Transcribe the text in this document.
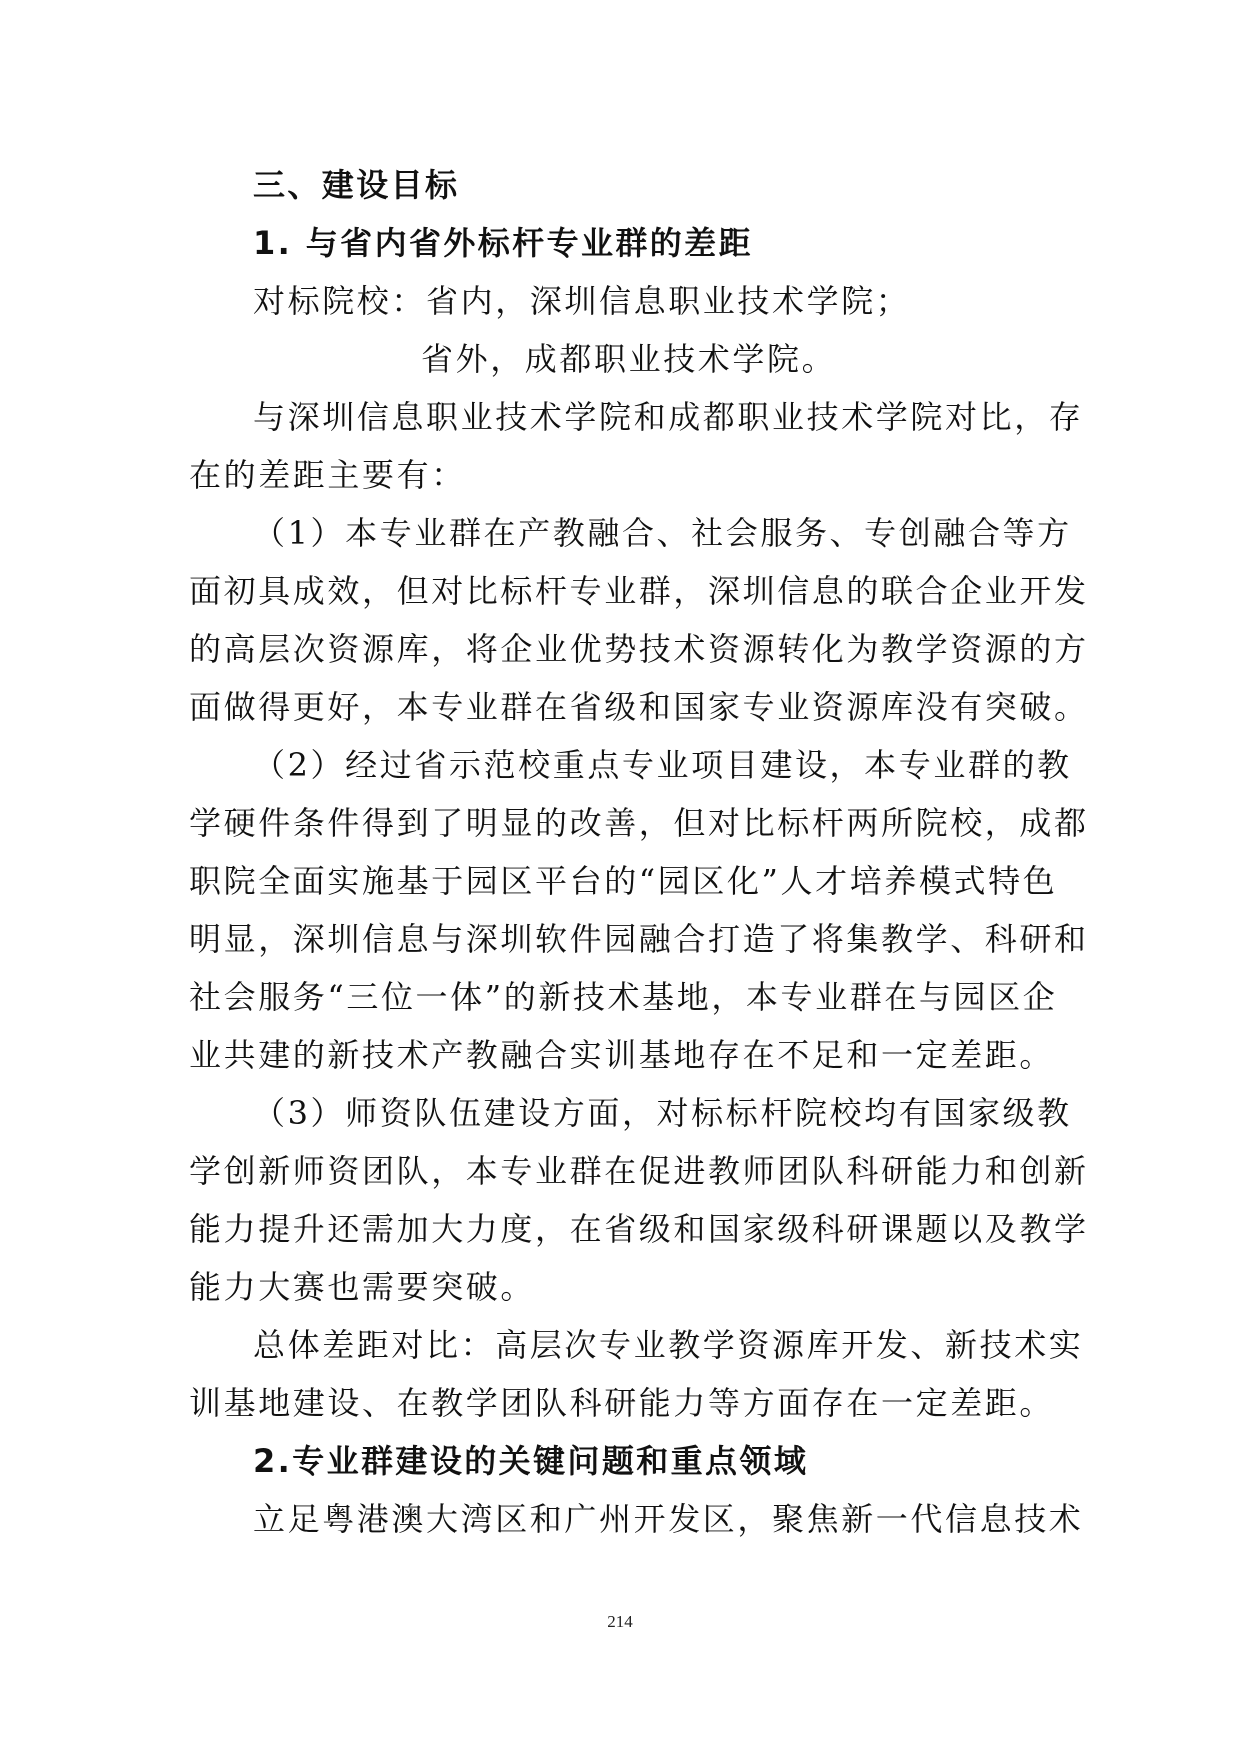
三、建设目标
1. 与省内省外标杆专业群的差距
对标院校：省内，深圳信息职业技术学院；
省外，成都职业技术学院。
与深圳信息职业技术学院和成都职业技术学院对比，存
在的差距主要有：
（1）本专业群在产教融合、社会服务、专创融合等方
面初具成效，但对比标杆专业群，深圳信息的联合企业开发
的高层次资源库，将企业优势技术资源转化为教学资源的方
面做得更好，本专业群在省级和国家专业资源库没有突破。
（2）经过省示范校重点专业项目建设，本专业群的教
学硬件条件得到了明显的改善，但对比标杆两所院校，成都
职院全面实施基于园区平台的“园区化”人才培养模式特色
明显，深圳信息与深圳软件园融合打造了将集教学、科研和
社会服务“三位一体”的新技术基地，本专业群在与园区企
业共建的新技术产教融合实训基地存在不足和一定差距。
（3）师资队伍建设方面，对标标杆院校均有国家级教
学创新师资团队，本专业群在促进教师团队科研能力和创新
能力提升还需加大力度，在省级和国家级科研课题以及教学
能力大赛也需要突破。
总体差距对比：高层次专业教学资源库开发、新技术实
训基地建设、在教学团队科研能力等方面存在一定差距。
2.专业群建设的关键问题和重点领域
立足粤港澳大湾区和广州开发区，聚焦新一代信息技术
214
